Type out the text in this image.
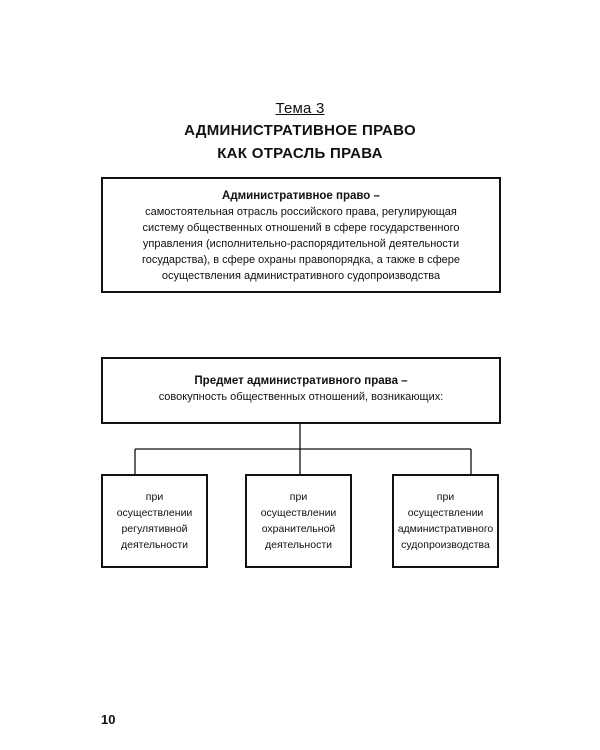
Тема 3
АДМИНИСТРАТИВНОЕ ПРАВО
КАК ОТРАСЛЬ ПРАВА
Административное право –
самостоятельная отрасль российского права, регулирующая систему общественных отношений в сфере государственного управления (исполнительно-распорядительной деятельности государства), в сфере охраны правопорядка, а также в сфере осуществления административного судопроизводства
Предмет административного права –
совокупность общественных отношений, возникающих:
при осуществлении
регулятивной
деятельности
при осуществлении
охранительной
деятельности
при осуществлении
административного
судопроизводства
10
